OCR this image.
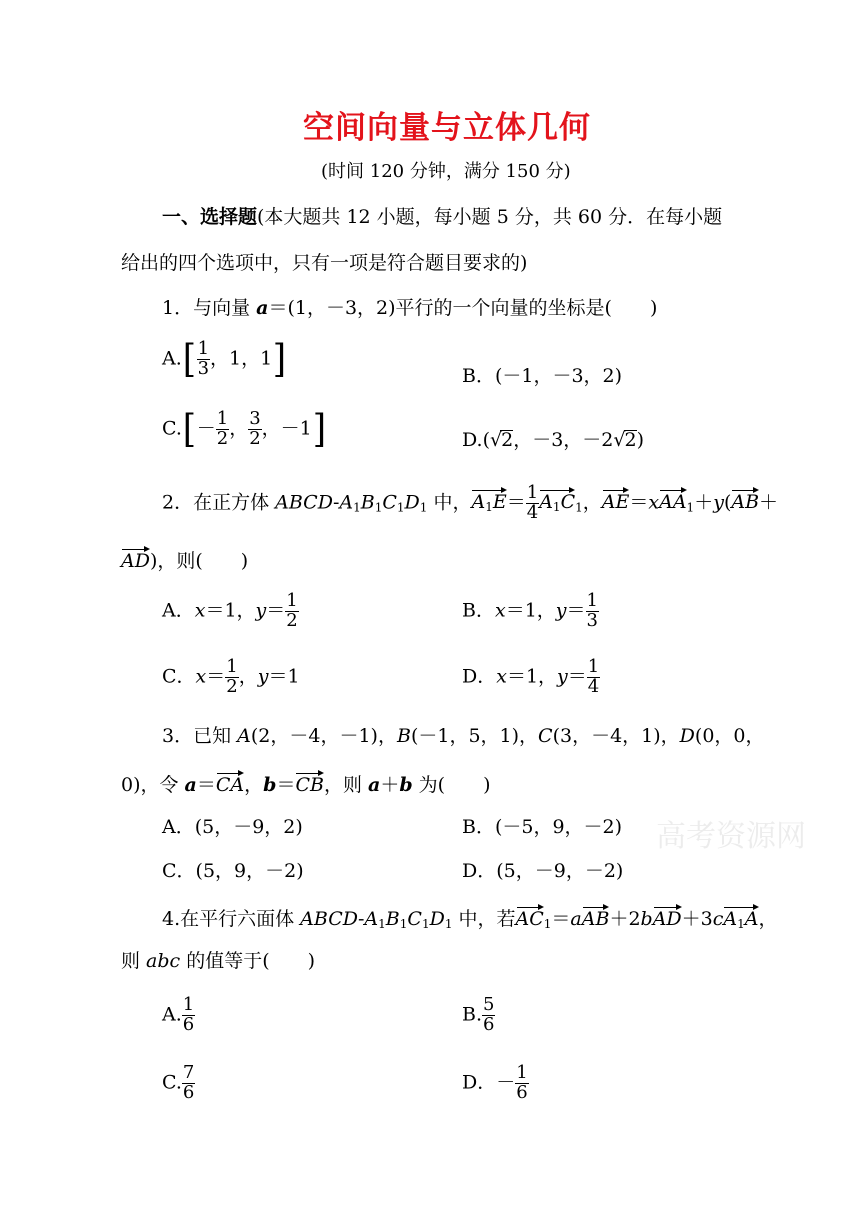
空间向量与立体几何
(时间 120 分钟，满分 150 分)
一、选择题(本大题共 12 小题，每小题 5 分，共 60 分．在每小题
给出的四个选项中，只有一项是符合题目要求的)
高考资源网
1．与向量 a＝(1，－3，2)平行的一个向量的坐标是(　　)
$A.[ \frac{1}{3}$ ，1，1]	B．(－1，－3，2)
$C.[- \frac{1}{2}$ ， $\frac{3}{2}$ ，－1]	D.(√2，－3，－2√2)
2．在正方体 ABCD-A1B1C1D1 中，$A1E= \frac{1}{4} A1C1$，AE＝xAA1＋y(AB＋
AD)，则(　　)
A．x＝1，$y= \frac{1}{2}$	B．x＝1，$y= \frac{1}{3}$
C．$x= \frac{1}{2}$ ，y＝1	D．x＝1，$y= \frac{1}{4}$
3．已知 A(2，－4，－1)，B(－1，5，1)，C(3，－4，1)，D(0，0，
0)，令 a＝CA，b＝CB，则 a＋b 为(　　)
A．(5，－9，2)	B．(－5，9，－2)
C．(5，9，－2)	D．(5，－9，－2)
4.在平行六面体 ABCD-A1B1C1D1 中，若AC1＝aAB＋2bAD＋3cA1A，
则 abc 的值等于(　　)
A. $\frac{1}{6}$	B. $\frac{5}{6}$
C. $\frac{7}{6}$	D．－ $\frac{1}{6}$
